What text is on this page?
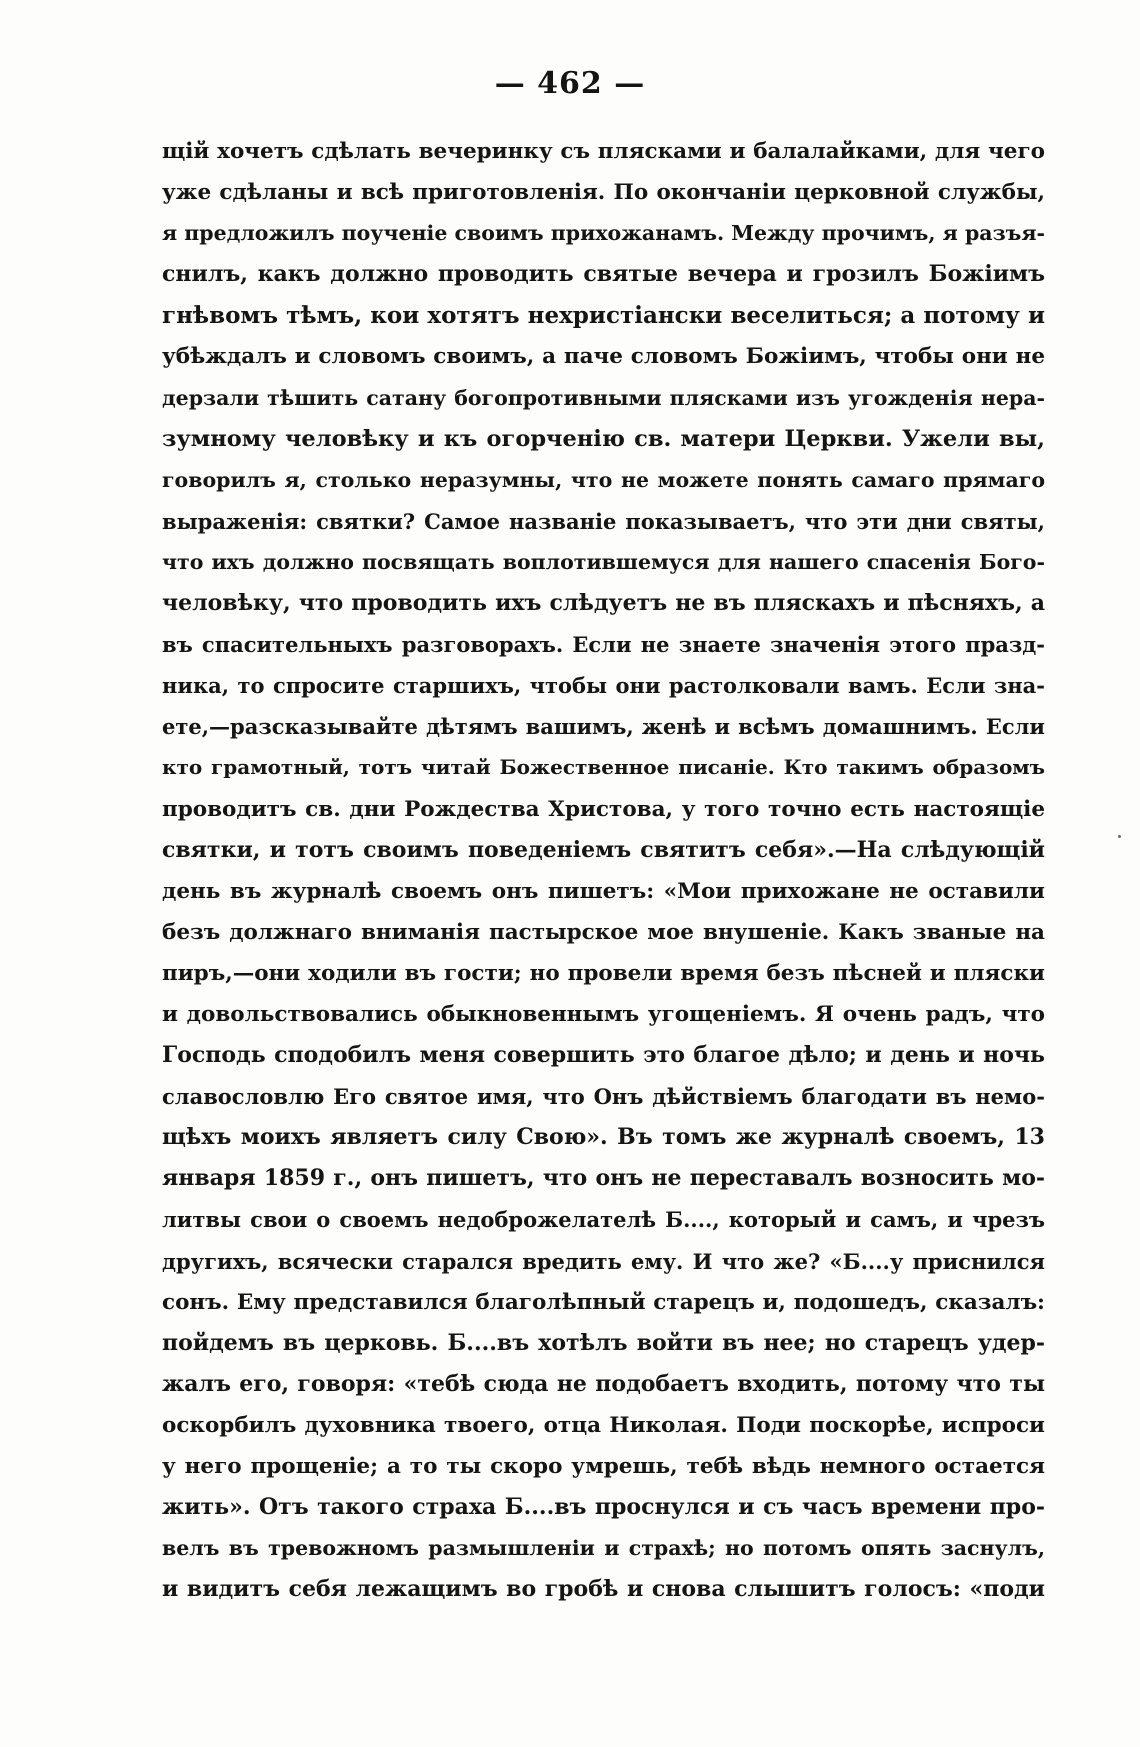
— 462 —
щій хочетъ сдѣлать вечеринку съ плясками и балалайками, для чего
уже сдѣланы и всѣ приготовленія. По окончаніи церковной службы,
я предложилъ поученіе своимъ прихожанамъ. Между прочимъ, я разъя-
снилъ, какъ должно проводить святые вечера и грозилъ Божіимъ
гнѣвомъ тѣмъ, кои хотятъ нехристіански веселиться; а потому и
убѣждалъ и словомъ своимъ, а паче словомъ Божіимъ, чтобы они не
дерзали тѣшить сатану богопротивными плясками изъ угожденія нера-
зумному человѣку и къ огорченію св. матери Церкви. Ужели вы,
говорилъ я, столько неразумны, что не можете понять самаго прямаго
выраженія: святки? Самое названіе показываетъ, что эти дни святы,
что ихъ должно посвящать воплотившемуся для нашего спасенія Бого-
человѣку, что проводить ихъ слѣдуетъ не въ пляскахъ и пѣсняхъ, а
въ спасительныхъ разговорахъ. Если не знаете значенія этого празд-
ника, то спросите старшихъ, чтобы они растолковали вамъ. Если зна-
ете,—разсказывайте дѣтямъ вашимъ, женѣ и всѣмъ домашнимъ. Если
кто грамотный, тотъ читай Божественное писаніе. Кто такимъ образомъ
проводитъ св. дни Рождества Христова, у того точно есть настоящіе
святки, и тотъ своимъ поведеніемъ святитъ себя».—На слѣдующій
день въ журналѣ своемъ онъ пишетъ: «Мои прихожане не оставили
безъ должнаго вниманія пастырское мое внушеніе. Какъ званые на
пиръ,—они ходили въ гости; но провели время безъ пѣсней и пляски
и довольствовались обыкновеннымъ угощеніемъ. Я очень радъ, что
Господь сподобилъ меня совершить это благое дѣло; и день и ночь
славословлю Его святое имя, что Онъ дѣйствіемъ благодати въ немо-
щѣхъ моихъ являетъ силу Свою». Въ томъ же журналѣ своемъ, 13
января 1859 г., онъ пишетъ, что онъ не переставалъ возносить мо-
литвы свои о своемъ недоброжелателѣ Б...., который и самъ, и чрезъ
другихъ, всячески старался вредить ему. И что же? «Б....у приснился
сонъ. Ему представился благолѣпный старецъ и, подошедъ, сказалъ:
пойдемъ въ церковь. Б....въ хотѣлъ войти въ нее; но старецъ удер-
жалъ его, говоря: «тебѣ сюда не подобаетъ входить, потому что ты
оскорбилъ духовника твоего, отца Николая. Поди поскорѣе, испроси
у него прощеніе; а то ты скоро умрешь, тебѣ вѣдь немного остается
жить». Отъ такого страха Б....въ проснулся и съ часъ времени про-
велъ въ тревожномъ размышленіи и страхѣ; но потомъ опять заснулъ,
и видитъ себя лежащимъ во гробѣ и снова слышитъ голосъ: «поди
